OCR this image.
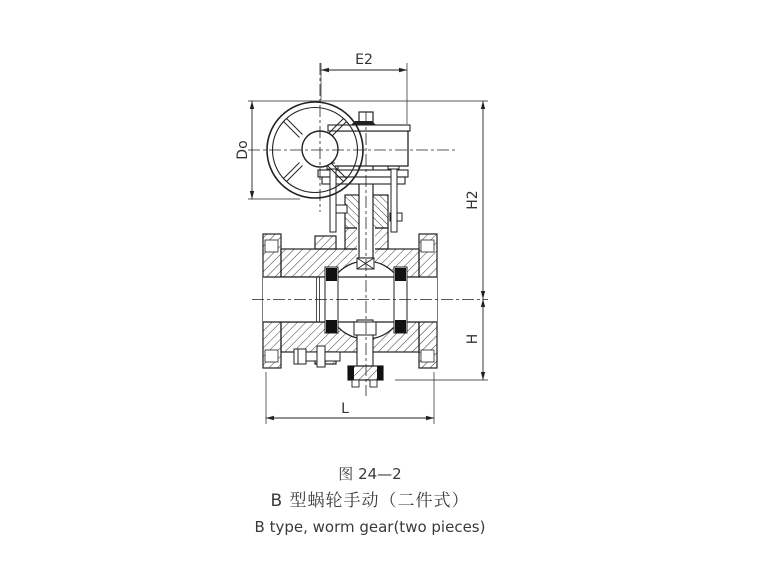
E2
Do
H2
H
L
图 24—2
B 型蜗轮手动（二件式）
B type, worm gear(two pieces)
